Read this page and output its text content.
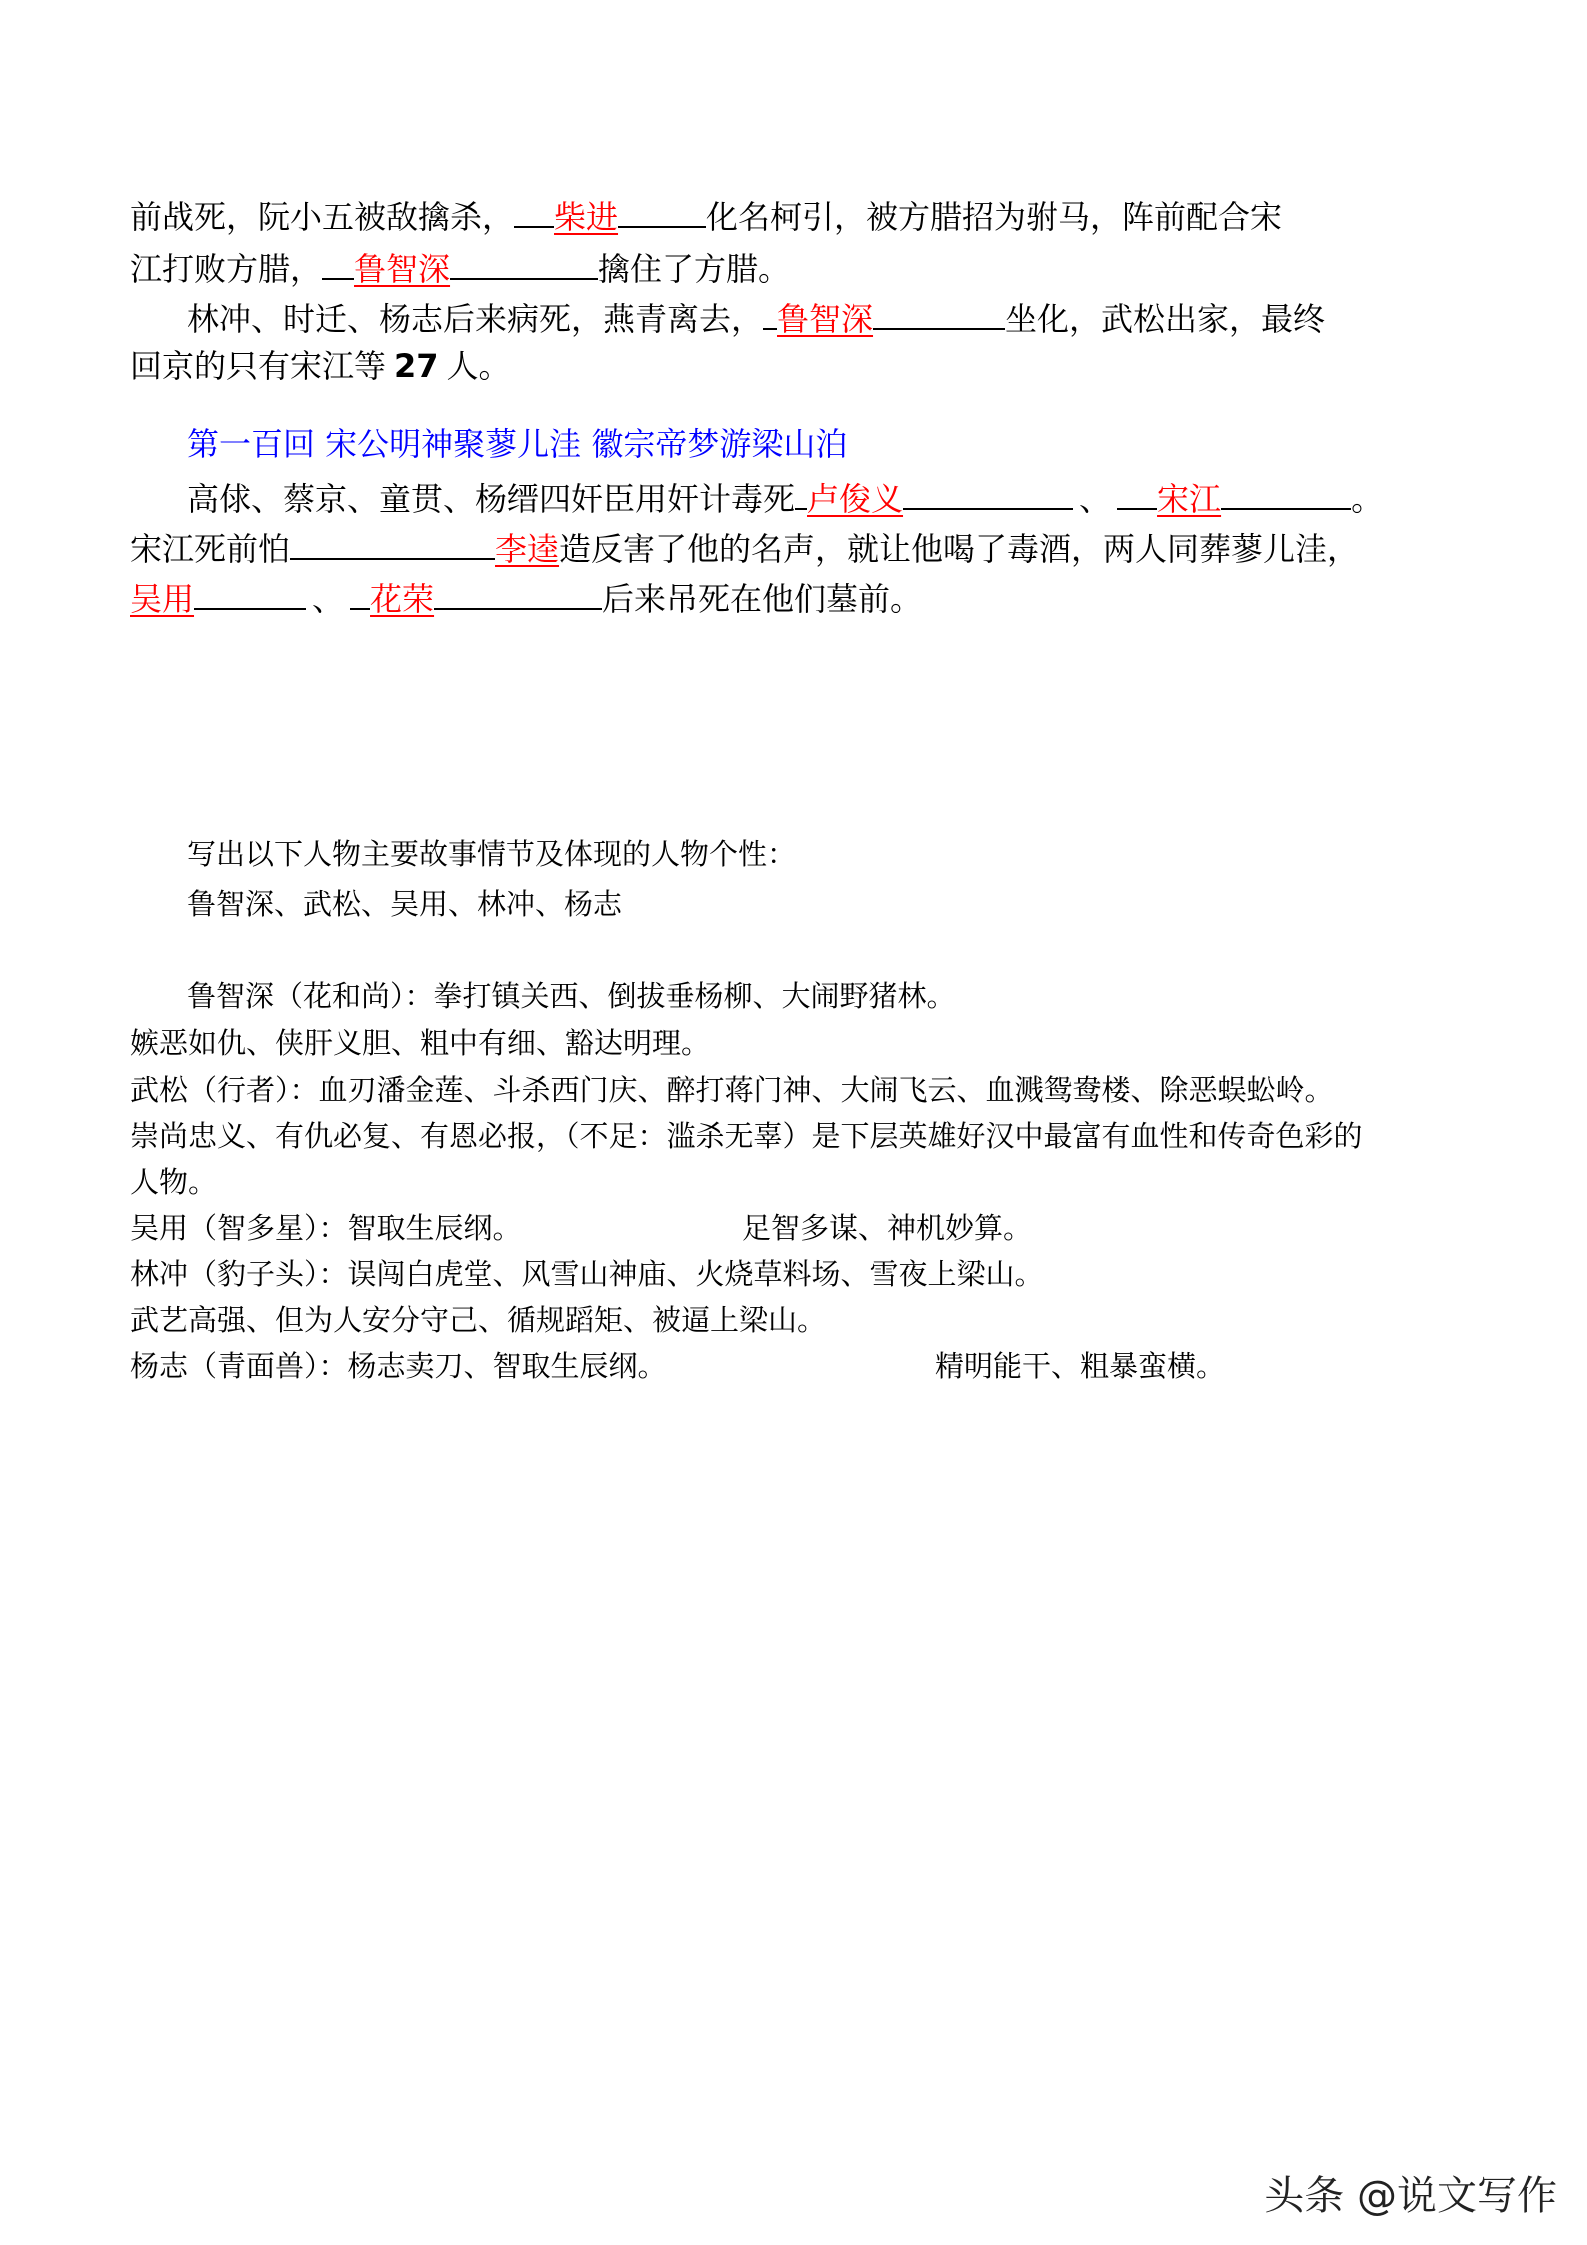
前战死，阮小五被敌擒杀， 柴进	化名柯引，被方腊招为驸马，阵前配合宋
江打败方腊， 鲁智深	擒住了方腊。
林冲、时迁、杨志后来病死，燕青离去， 鲁智深	坐化，武松出家，最终
回京的只有宋江等 27 人。
第一百回 宋公明神聚蓼儿洼 徽宗帝梦游梁山泊
高俅、蔡京、童贯、杨缙四奸臣用奸计毒死 卢俊义	、 宋江	。
宋江死前怕	李逵造反害了他的名声，就让他喝了毒酒，两人同葬蓼儿洼，
吴用	、 花荣	后来吊死在他们墓前。
写出以下人物主要故事情节及体现的人物个性：
鲁智深、武松、吴用、林冲、杨志
鲁智深（花和尚）：拳打镇关西、倒拔垂杨柳、大闹野猪林。
嫉恶如仇、侠肝义胆、粗中有细、豁达明理。
武松（行者）：血刃潘金莲、斗杀西门庆、醉打蒋门神、大闹飞云、血溅鸳鸯楼、除恶蜈蚣岭。
崇尚忠义、有仇必复、有恩必报，（不足：滥杀无辜）是下层英雄好汉中最富有血性和传奇色彩的
人物。
吴用（智多星）：智取生辰纲。	足智多谋、神机妙算。
林冲（豹子头）：误闯白虎堂、风雪山神庙、火烧草料场、雪夜上梁山。
武艺高强、但为人安分守己、循规蹈矩、被逼上梁山。
杨志（青面兽）：杨志卖刀、智取生辰纲。	精明能干、粗暴蛮横。
头条 @说文写作
